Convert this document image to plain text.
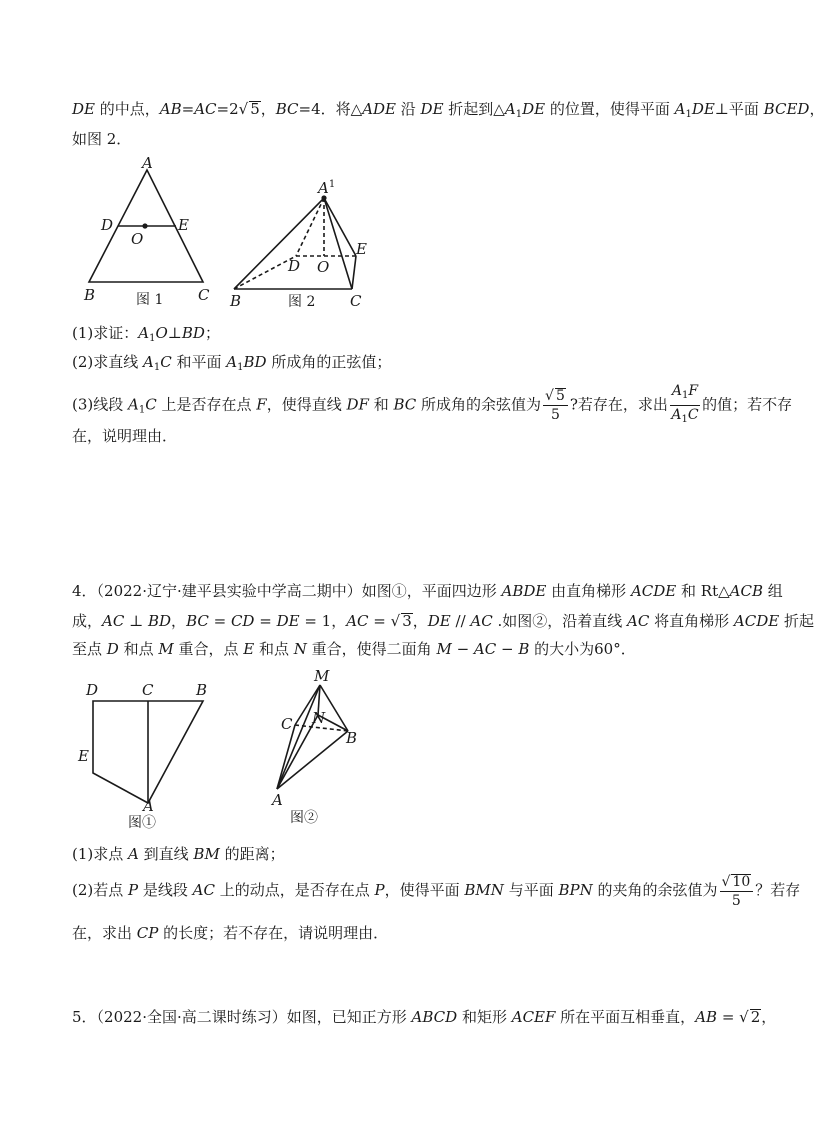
DE 的中点，AB=AC=2√ 5，BC=4．将△ADE 沿 DE 折起到$\triangle A_1DE$ 的位置，使得平面 $A_1DE\perp$平面 BCED，
如图 2．
A
D	E
O
B	C
图 1
$A^1$
D O
E
B	C
图 2
(1)求证：$A_1O\perp BD$；
(2)求直线 $A_1C$ 和平面 $A_1BD$ 所成角的正弦值；
(3)线段 $A_1C$ 上是否存在点 F，使得直线 DF 和 BC 所成角的余弦值为 $\frac{√ 5}{5}$ ?若存在，求出 $\frac{A_1F}{A_1C}$ 的值；若不存
在，说明理由．
4．（2022·辽宁·建平县实验中学高二期中）如图①，平面四边形 ABDE 由直角梯形 ACDE 和 Rt△ACB 组
成，AC ⊥ BD，BC = CD = DE = 1，AC = √ 3，DE // AC .如图②，沿着直线 AC 将直角梯形 ACDE 折起
至点 D 和点 M 重合，点 E 和点 N 重合，使得二面角 M − AC − B 的大小为60°．
D	C	B
E
A
图①
M
N
C
B
A
图②
(1)求点 A 到直线 BM 的距离；
(2)若点 P 是线段 AC 上的动点，是否存在点 P，使得平面 BMN 与平面 BPN 的夹角的余弦值为 $\frac{√ 10}{5}$ ？若存
在，求出 CP 的长度；若不存在，请说明理由．
5．（2022·全国·高二课时练习）如图，已知正方形 ABCD 和矩形 ACEF 所在平面互相垂直，AB = √ 2，
